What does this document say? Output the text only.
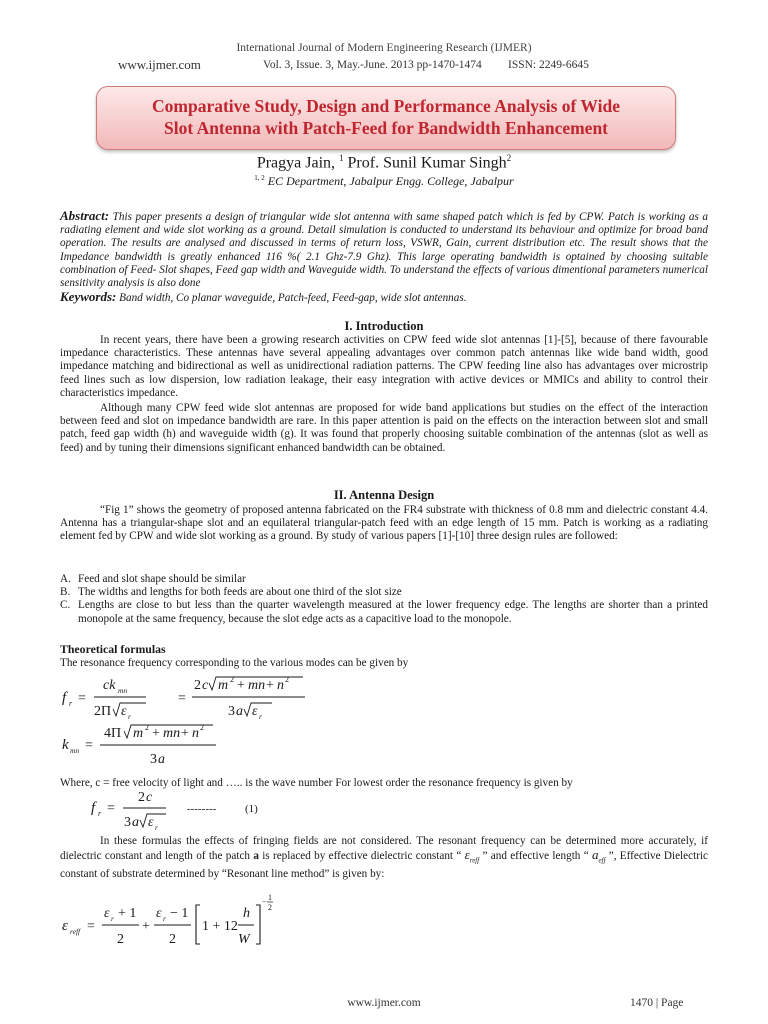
International Journal of Modern Engineering Research (IJMER)
www.ijmer.com	Vol. 3, Issue. 3, May.-June. 2013 pp-1470-1474 ISSN: 2249-6645
Comparative Study, Design and Performance Analysis of Wide
Slot Antenna with Patch-Feed for Bandwidth Enhancement
Pragya Jain, $^1$ Prof. Sunil Kumar Singh$^2$
$^{1, 2}$ EC Department, Jabalpur Engg. College, Jabalpur
Abstract: This paper presents a design of triangular wide slot antenna with same shaped patch which is fed by CPW. Patch is working as a radiating element and wide slot working as a ground. Detail simulation is conducted to understand its behaviour and optimize for broad band operation. The results are analysed and discussed in terms of return loss, VSWR, Gain, current distribution etc. The result shows that the Impedance bandwidth is greatly enhanced 116 %( 2.1 Ghz-7.9 Ghz). This large operating bandwidth is optained by choosing suitable combination of Feed- Slot shapes, Feed gap width and Waveguide width. To understand the effects of various dimentional parameters numerical sensitivity analysis is also done
Keywords: Band width, Co planar waveguide, Patch-feed, Feed-gap, wide slot antennas.
I. Introduction
In recent years, there have been a growing research activities on CPW feed wide slot antennas [1]-[5], because of there favourable impedance characteristics. These antennas have several appealing advantages over common patch antennas like wide band width, good impedance matching and bidirectional as well as unidirectional radiation patterns. The CPW feeding line also has advantages over microstrip feed lines such as low dispersion, low radiation leakage, their easy integration with active devices or MMICs and ability to control their characteristics impedance.
Although many CPW feed wide slot antennas are proposed for wide band applications but studies on the effect of the interaction between feed and slot on impedance bandwidth are rare. In this paper attention is paid on the effects on the interaction between slot and small patch, feed gap width (h) and waveguide width (g). It was found that properly choosing suitable combination of the antennas (slot as well as feed) and by tuning their dimensions significant enhanced bandwidth can be obtained.
II. Antenna Design
“Fig 1” shows the geometry of proposed antenna fabricated on the FR4 substrate with thickness of 0.8 mm and dielectric constant 4.4. Antenna has a triangular-shape slot and an equilateral triangular-patch feed with an edge length of 15 mm. Patch is working as a radiating element fed by CPW and wide slot working as a ground. By study of various papers [1]-[10] three design rules are followed:
A. Feed and slot shape should be similar
B. The widths and lengths for both feeds are about one third of the slot size
C. Lengths are close to but less than the quarter wavelength measured at the lower frequency edge. The lengths are shorter than a printed monopole at the same frequency, because the slot edge acts as a capacitive load to the monopole.
Theoretical formulas
The resonance frequency corresponding to the various modes can be given by
f r =
ck mn
2Π ε r
=
2 c m 2 + mn + n 2
3 a ε r
k mn =
4Π m 2 + mn + n 2
3 a
f r =
2 c
3 a ε r
--------	(1)
ε reff =
ε r + 1
2
+
ε r − 1
2
1 + 12
h
W
− 1
2
Where, c = free velocity of light and ….. is the wave number For lowest order the resonance frequency is given by
In these formulas the effects of fringing fields are not considered. The resonant frequency can be determined more accurately, if dielectric constant and length of the patch a is replaced by effective dielectric constant “ $\varepsilon_{reff}$ ” and effective length “ $a_{eff}$ ”, Effective Dielectric constant of substrate determined by “Resonant line method” is given by:
www.ijmer.com	1470 | Page
